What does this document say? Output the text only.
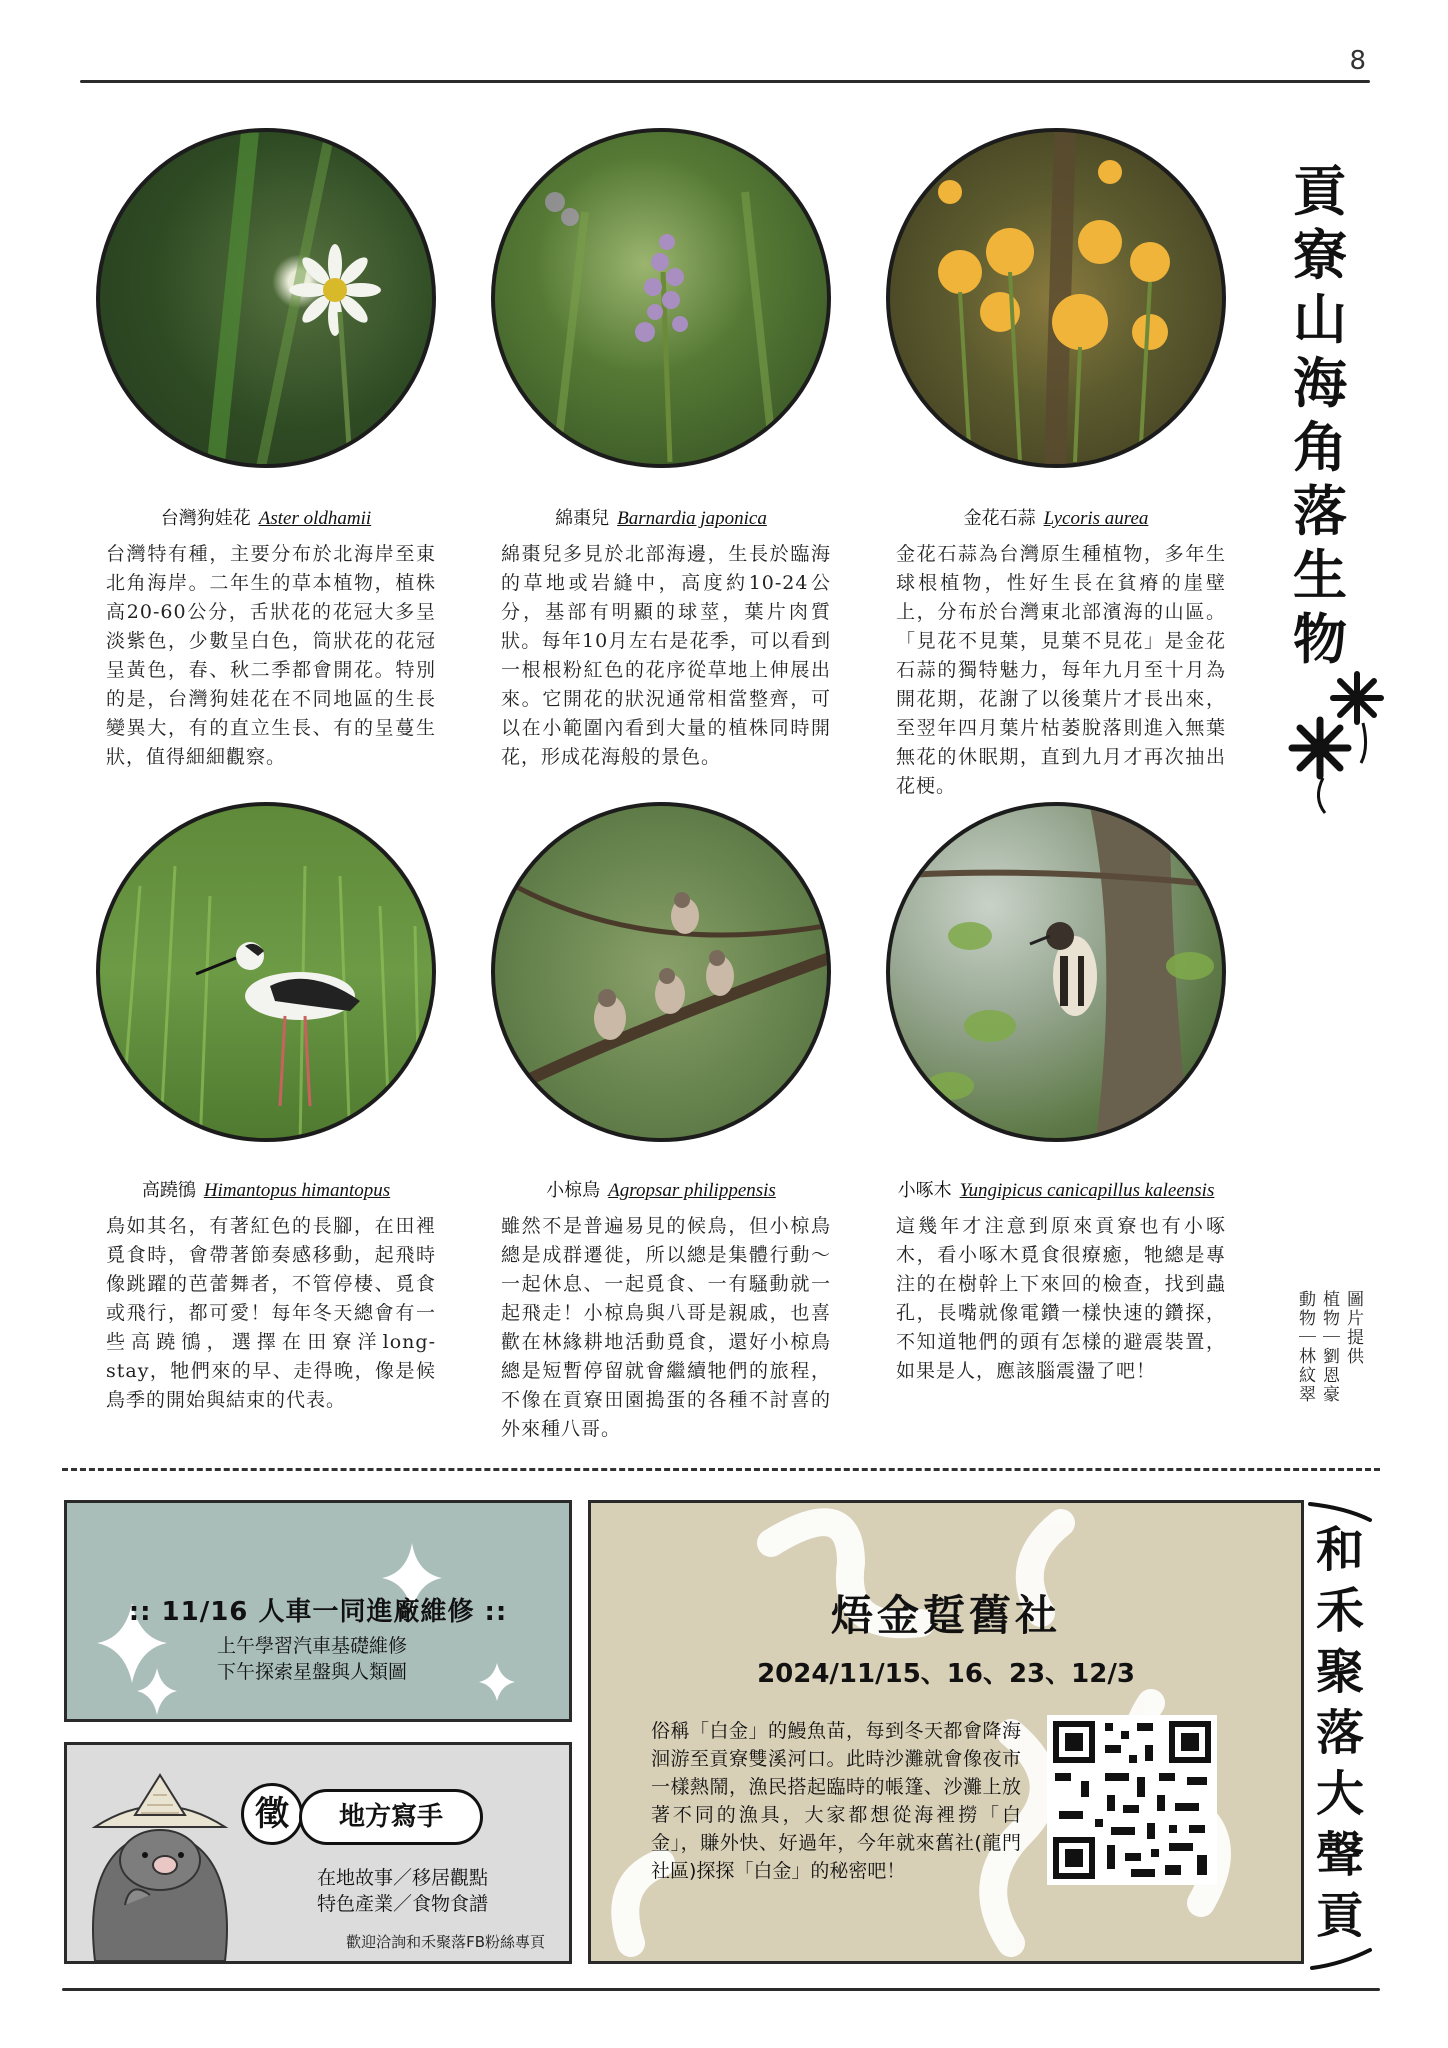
8
台灣狗娃花 Aster oldhamii	綿棗兒 Barnardia japonica	金花石蒜 Lycoris aurea
台灣特有種，主要分布於北海岸至東北角海岸。二年生的草本植物，植株高20-60公分，舌狀花的花冠大多呈淡紫色，少數呈白色，筒狀花的花冠呈黃色，春、秋二季都會開花。特別的是，台灣狗娃花在不同地區的生長變異大，有的直立生長、有的呈蔓生狀，值得細細觀察。
綿棗兒多見於北部海邊，生長於臨海的草地或岩縫中，高度約10-24公分，基部有明顯的球莖，葉片肉質狀。每年10月左右是花季，可以看到一根根粉紅色的花序從草地上伸展出來。它開花的狀況通常相當整齊，可以在小範圍內看到大量的植株同時開花，形成花海般的景色。
金花石蒜為台灣原生種植物，多年生球根植物，性好生長在貧瘠的崖壁上，分布於台灣東北部濱海的山區。「見花不見葉，見葉不見花」是金花石蒜的獨特魅力，每年九月至十月為開花期，花謝了以後葉片才長出來，至翌年四月葉片枯萎脫落則進入無葉無花的休眠期，直到九月才再次抽出花梗。
高蹺鴴 Himantopus himantopus	小椋鳥 Agropsar philippensis	小啄木 Yungipicus canicapillus kaleensis
鳥如其名，有著紅色的長腳，在田裡覓食時，會帶著節奏感移動，起飛時像跳躍的芭蕾舞者，不管停棲、覓食或飛行，都可愛！每年冬天總會有一些高蹺鴴，選擇在田寮洋long-stay，牠們來的早、走得晚，像是候鳥季的開始與結束的代表。
雖然不是普遍易見的候鳥，但小椋鳥總是成群遷徙，所以總是集體行動～一起休息、一起覓食、一有騷動就一起飛走！小椋鳥與八哥是親戚，也喜歡在林緣耕地活動覓食，還好小椋鳥總是短暫停留就會繼續牠們的旅程，不像在貢寮田園搗蛋的各種不討喜的外來種八哥。
這幾年才注意到原來貢寮也有小啄木，看小啄木覓食很療癒，牠總是專注的在樹幹上下來回的檢查，找到蟲孔，長嘴就像電鑽一樣快速的鑽探，不知道牠們的頭有怎樣的避震裝置，如果是人，應該腦震盪了吧！
貢寮山海角落生物
圖片提供
植物｜劉恩豪
動物｜林紋翠
:: 11/16 人車一同進廠維修 ::
上午學習汽車基礎維修
下午探索星盤與人類圖
徵	地方寫手
在地故事／移居觀點
特色產業／食物食譜
歡迎洽詢和禾聚落FB粉絲專頁
焐金踅舊社
2024/11/15、16、23、12/3
俗稱「白金」的鰻魚苗，每到冬天都會降海洄游至貢寮雙溪河口。此時沙灘就會像夜市一樣熱鬧，漁民搭起臨時的帳篷、沙灘上放著不同的漁具，大家都想從海裡撈「白金」，賺外快、好過年，今年就來舊社(龍門社區)探探「白金」的秘密吧！
和禾聚落大聲貢
